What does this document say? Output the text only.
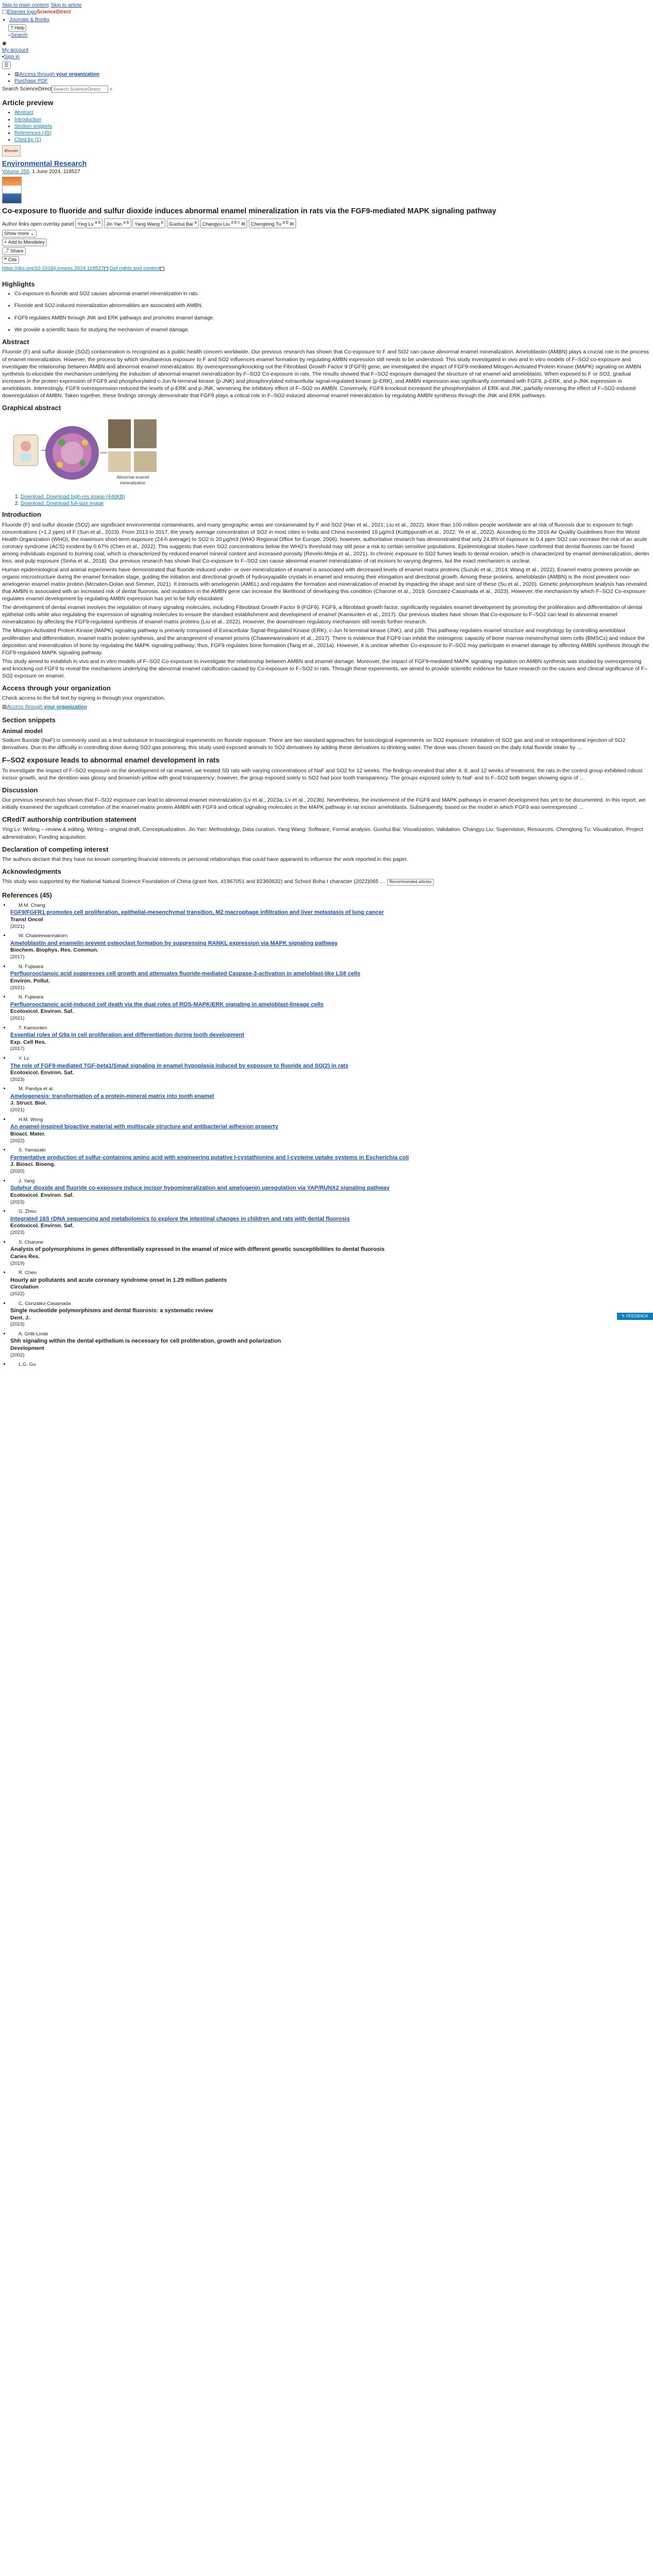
Skip to main content Skip to article
Elsevier logoScienceDirect
• Journals & Books
? Help
⌕Search
◉
My account
▪Sign in
☰
• ▥Access through your organization
• Purchase PDF
Search ScienceDirectSearch ScienceDirect	⌕
Article preview
• Abstract
• Introduction
• Section snippets
• References (45)
• Cited by (1)
Elsevier
Environmental Research
Volume 250, 1 June 2024, 118527
Co-exposure to fluoride and sulfur dioxide induces abnormal enamel mineralization in rats via the FGF9-mediated MAPK signaling pathway
Author links open overlay panel Ying Lv $^{a b}$ Jin Yan $^{a b}$ Yang Wang $^a$ Guohui Bai $^a$ Changyu Liu $^{a b c}$ ✉ Chenglong Tu $^{a b}$ ✉
Show more ⌄
+ Add to Mendeley
⤴ Share
❝ Cite
https://doi.org/10.1016/j.envres.2024.118527 Get rights and content
Highlights
• Co-exposure to fluoride and SO2 causes abnormal enamel mineralization in rats.
• Fluoride and SO2-induced mineralization abnormalities are associated with AMBN.
• FGF9 regulates AMBN through JNK and ERK pathways and promotes enamel damage.
• We provide a scientific basis for studying the mechanism of enamel damage.
Abstract

Fluoride (F) and sulfur dioxide (SO2) contamination is recognized as a public health concern worldwide. Our previous research has shown that Co-exposure to F and SO2 can cause abnormal enamel mineralization. Ameloblastin (AMBN) plays a crucial role in the process of enamel mineralization. However, the process by which simultaneous exposure to F and SO2 influences enamel formation by regulating AMBN expression still needs to be understood. This study investigated in vivo and in vitro models of F–SO2 co-exposure and investigate the relationship between AMBN and abnormal enamel mineralization. By overexpressing/knocking out the Fibroblast Growth Factor 9 (FGF9) gene, we investigated the impact of FGF9-mediated Mitogen-Activated Protein Kinase (MAPK) signaling on AMBN synthesis to elucidate the mechanism underlying the induction of abnormal enamel mineralization by F–SO2 Co-exposure in rats. The results showed that F–SO2 exposure damaged the structure of rat enamel and ameloblasts. When exposed to F or SO2, gradual increases in the protein expression of FGF9 and phosphorylated c-Jun N-terminal kinase (p-JNK) and phosphorylated extracellular signal-regulated kinase (p-ERK), and AMBN expression was significantly correlated with FGF9, p-ERK, and p-JNK expression in ameloblasts. Interestingly, FGF9 overexpression reduced the levels of p-ERK and p-JNK, worsening the inhibitory effect of F–SO2 on AMBN. Conversely, FGF9 knockout increased the phosphorylation of ERK and JNK, partially reversing the effect of F–SO2-induced downregulation of AMBN. Taken together, these findings strongly demonstrate that FGF9 plays a critical role in F–SO2-induced abnormal enamel mineralization by regulating AMBN synthesis through the JNK and ERK pathways.

Graphical abstract
Abnormal enamel mineralization
1. Download: Download high-res image (446KB)
2. Download: Download full-size image
Introduction

Fluoride (F) and sulfur dioxide (SO2) are significant environmental contaminants, and many geographic areas are contaminated by F and SO2 (Han et al., 2021; Liu et al., 2022). More than 100 million people worldwide are at risk of fluorosis due to exposure to high concentrations (>1.2 ppm) of F (Sun et al., 2023). From 2013 to 2017, the yearly average concentration of SO2 in most cities in India and China exceeded 18 μg/m3 (Kuttippurath et al., 2022; Ye et al., 2022). According to the 2016 Air Quality Guidelines from the World Health Organization (WHO), the maximum short-term exposure (24-h average) to SO2 is 20 μg/m3 (WHO Regional Office for Europe, 2006); however, authoritative research has demonstrated that only 24.8% of exposure to 0.4 ppm SO2 can increase the risk of an acute coronary syndrome (ACS) incident by 0.67% (Chen et al., 2022). This suggests that even SO2 concentrations below the WHO’s threshold may still pose a risk to certain sensitive populations. Epidemiological studies have confirmed that dental fluorosis can be found among individuals exposed to burning coal, which is characterized by reduced enamel mineral content and increased porosity (Revelo-Mejia et al., 2021). In chronic exposure to SO2 fumes leads to dental erosion, which is characterized by enamel demineralization, dentin loss, and pulp exposure (Sinha et al., 2018). Our previous research has shown that Co-exposure to F–SO2 can cause abnormal enamel mineralization of rat incisors to varying degrees, but the exact mechanism is unclear.

Human epidemiological and animal experiments have demonstrated that fluoride-induced under- or over-mineralization of enamel is associated with decreased levels of enamel matrix proteins (Suzuki et al., 2014; Wang et al., 2022). Enamel matrix proteins provide an organic microstructure during the enamel formation stage, guiding the initiation and directional growth of hydroxyapatite crystals in enamel and ensuring their elongation and directional growth. Among these proteins, ameloblastin (AMBN) is the most prevalent non-amelogenin enamel matrix protein (Mcnaten-Dolan and Simmer, 2021). It interacts with amelogenin (AMEL) and regulates the formation and mineralization of enamel by impacting the shape and size of these (Su et al., 2020). Genetic polymorphism analysis has revealed that AMBN is associated with an increased risk of dental fluorosis, and mutations in the AMBN gene can increase the likelihood of developing this condition (Charone et al., 2019; Gonzalez-Casamada et al., 2023). However, the mechanism by which F–SO2 Co-exposure regulates enamel development by regulating AMBN expression has yet to be fully elucidated.

The development of dental enamel involves the regulation of many signaling molecules, including Fibroblast Growth Factor 9 (FGF9). FGF9, a fibroblast growth factor, significantly regulates enamel development by promoting the proliferation and differentiation of dental epithelial cells while also regulating the expression of signaling molecules to ensure the standard establishment and development of enamel (Kamiunten et al., 2017). Our previous studies have shown that Co-exposure to F–SO2 can lead to abnormal enamel mineralization by affecting the FGF9-regulated synthesis of enamel matrix proteins (Liu et al., 2022). However, the downstream regulatory mechanism still needs further research.

The Mitogen-Activated Protein Kinase (MAPK) signaling pathway is primarily composed of Extracellular Signal-Regulated Kinase (ERK), c-Jun N-terminal kinase (JNK), and p38. This pathway regulates enamel structure and morphology by controlling ameloblast proliferation and differentiation, enamel matrix protein synthesis, and the arrangement of enamel prisms (Chaweewannakorn et al., 2017). There is evidence that FGF9 can inhibit the osteogenic capacity of bone marrow mesenchymal stem cells (BMSCs) and reduce the deposition and mineralization of bone by regulating the MAPK signaling pathway; thus, FGF9 regulates bone formation (Tang et al., 2021a). However, it is unclear whether Co-exposure to F–SO2 may participate in enamel damage by affecting AMBN synthesis through the FGF9-regulated MAPK signaling pathway.

This study aimed to establish in vivo and in vitro models of F–SO2 Co-exposure to investigate the relationship between AMBN and enamel damage. Moreover, the impact of FGF9-mediated MAPK signaling regulation on AMBN synthesis was studied by overexpressing and knocking out FGF9 to reveal the mechanisms underlying the abnormal enamel calcification caused by Co-exposure to F–SO2 in rats. Through these experiments, we aimed to provide scientific evidence for future research on the causes and clinical significance of F–SO2 exposure on enamel.

Access through your organization

Check access to the full text by signing in through your organization.

▥Access through your organization
Section snippets
Animal model

Sodium fluoride (NaF) is commonly used as a test substance in toxicological experiments on fluoride exposure. There are two standard approaches for toxicological experiments on SO2 exposure: inhalation of SO2 gas and oral or intraperitoneal injection of SO2 derivatives. Due to the difficulty in controlling dose during SO2 gas poisoning, this study used exposed animals to SO2 derivatives by adding these derivatives to drinking water. The dose was chosen based on the daily total fluoride intake by …

F–SO2 exposure leads to abnormal enamel development in rats

To investigate the impact of F–SO2 exposure on the development of rat enamel, we treated SD rats with varying concentrations of NaF and SO2 for 12 weeks. The findings revealed that after 4, 8, and 12 weeks of treatment, the rats in the control group exhibited robust incisor growth, and the dentition was glossy and brownish-yellow with good transparency; however, the group exposed solely to SO2 had poor tooth transparency. The groups exposed solely to NaF and to F–SO2 both began showing signs of …

Discussion

Our previous research has shown that F–SO2 exposure can lead to abnormal enamel mineralization (Lv et al., 2023a; Lv et al., 2023b). Nevertheless, the involvement of the FGF9 and MAPK pathways in enamel development has yet to be documented. In this report, we initially examined the significant correlation of the enamel matrix protein AMBN with FGF9 and critical signaling molecules in the MAPK pathway in rat incisor ameloblasts. Subsequently, based on the model in which FGF9 was overexpressed …

CRediT authorship contribution statement

Ying Lv: Writing – review & editing, Writing – original draft, Conceptualization. Jin Yan: Methodology, Data curation. Yang Wang: Software, Formal analysis. Guohui Bai: Visualization, Validation. Changyu Liu: Supervision, Resources. Chenglong Tu: Visualization, Project administration, Funding acquisition.

Declaration of competing interest

The authors declare that they have no known competing financial interests or personal relationships that could have appeared to influence the work reported in this paper.

Acknowledgments

This study was supported by the National Natural Science Foundation of China (grant Nos. 41967051 and 82360632) and School Boha I character (2022)065 … Recommended articles

References (45)
• M.M. Chang
FGF9/FGFR1 promotes cell proliferation, epithelial-mesenchymal transition, M2 macrophage infiltration and liver metastasis of lung cancer
Transl Oncol
(2021)
• W. Chaweewannakorn
Ameloblastin and enamelin prevent osteoclast formation by suppressing RANKL expression via MAPK signaling pathway
Biochem. Biophys. Res. Commun.
(2017)
• N. Fujiwara
Perfluorooctanoic acid suppresses cell growth and attenuates fluoride-mediated Caspase-3-activation in ameloblast-like LS8 cells
Environ. Pollut.
(2021)
• N. Fujiwara
Perfluorooctanoic acid-induced cell death via the dual roles of ROS-MAPK/ERK signaling in ameloblast-lineage cells
Ecotoxicol. Environ. Saf.
(2021)
• T. Kamiunten
Essential roles of G9a in cell proliferation and differentiation during tooth development
Exp. Cell Res.
(2017)
• Y. Lv
The role of FGF9-mediated TGF-beta1/Smad signaling in enamel hypoplasia induced by exposure to fluoride and SO(2) in rats
Ecotoxicol. Environ. Saf.
(2023)
• M. Pandya et al.
Amelogenesis: transformation of a protein-mineral matrix into tooth enamel
J. Struct. Biol.
(2021)
• H.M. Wong
An enamel-inspired bioactive material with multiscale structure and antibacterial adhesion property
Bioact. Mater.
(2022)
• S. Yamazaki
Fermentative production of sulfur-containing amino acid with engineering putative l-cystathionine and l-cysteine uptake systems in Escherichia coli
J. Biosci. Bioeng.
(2020)
• J. Yang
Sulphur dioxide and fluoride co-exposure induce incisor hypomineralization and amelogenin upregulation via YAP/RUNX2 signaling pathway
Ecotoxicol. Environ. Saf.
(2023)
• G. Zhou
Integrated 16S rDNA sequencing and metabolomics to explore the intestinal changes in children and rats with dental fluorosis
Ecotoxicol. Environ. Saf.
(2023)
• S. Charone
Analysis of polymorphisms in genes differentially expressed in the enamel of mice with different genetic susceptibilities to dental fluorosis
Caries Res.
(2019)
• R. Chen
Hourly air pollutants and acute coronary syndrome onset in 1.29 million patients
Circulation
(2022)
• C. Gonzalez-Casamada
Single nucleotide polymorphisms and dental fluorosis: a systematic review
Dent. J.
(2023)
• A. Gritli-Linde
Shh signaling within the dental epithelium is necessary for cell proliferation, growth and polarization
Development
(2002)
• L.G. Gu
✎ FEEDBACK
